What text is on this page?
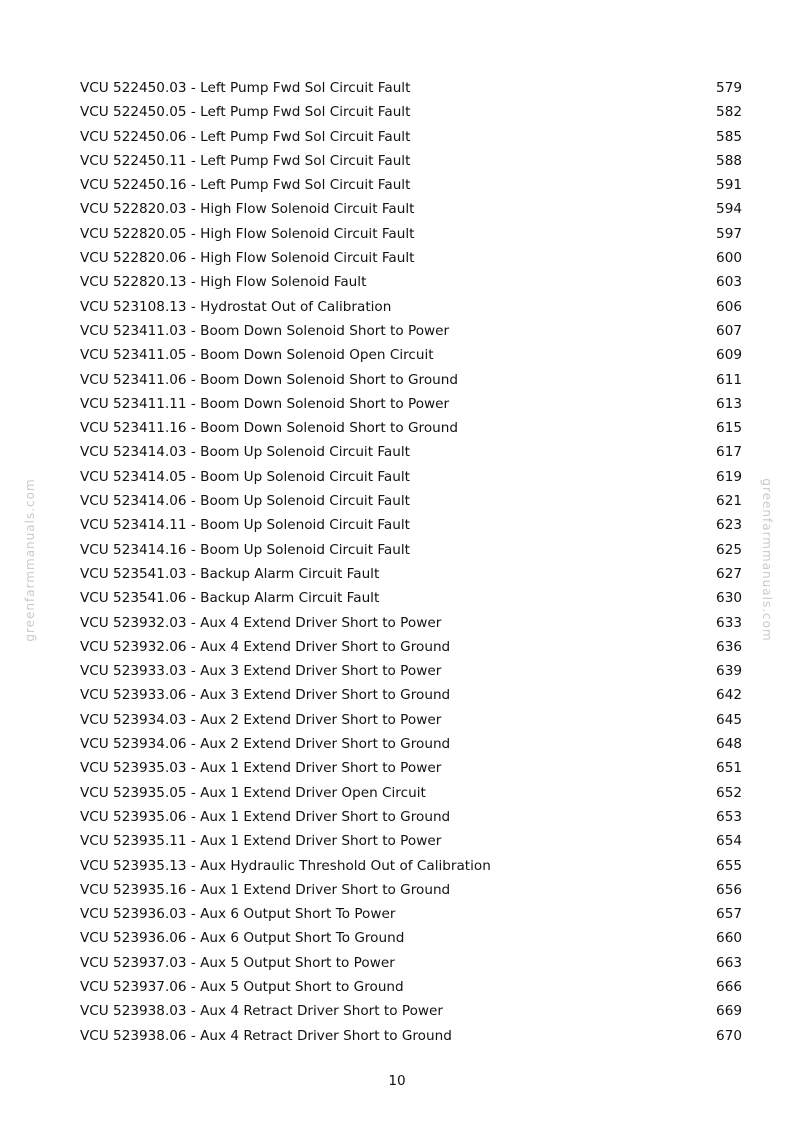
greenfarmmanuals.com	greenfarmmanuals.com
VCU 522450.03 - Left Pump Fwd Sol Circuit Fault	579
VCU 522450.05 - Left Pump Fwd Sol Circuit Fault	582
VCU 522450.06 - Left Pump Fwd Sol Circuit Fault	585
VCU 522450.11 - Left Pump Fwd Sol Circuit Fault	588
VCU 522450.16 - Left Pump Fwd Sol Circuit Fault	591
VCU 522820.03 - High Flow Solenoid Circuit Fault	594
VCU 522820.05 - High Flow Solenoid Circuit Fault	597
VCU 522820.06 - High Flow Solenoid Circuit Fault	600
VCU 522820.13 - High Flow Solenoid Fault	603
VCU 523108.13 - Hydrostat Out of Calibration	606
VCU 523411.03 - Boom Down Solenoid Short to Power	607
VCU 523411.05 - Boom Down Solenoid Open Circuit	609
VCU 523411.06 - Boom Down Solenoid Short to Ground	611
VCU 523411.11 - Boom Down Solenoid Short to Power	613
VCU 523411.16 - Boom Down Solenoid Short to Ground	615
VCU 523414.03 - Boom Up Solenoid Circuit Fault	617
VCU 523414.05 - Boom Up Solenoid Circuit Fault	619
VCU 523414.06 - Boom Up Solenoid Circuit Fault	621
VCU 523414.11 - Boom Up Solenoid Circuit Fault	623
VCU 523414.16 - Boom Up Solenoid Circuit Fault	625
VCU 523541.03 - Backup Alarm Circuit Fault	627
VCU 523541.06 - Backup Alarm Circuit Fault	630
VCU 523932.03 - Aux 4 Extend Driver Short to Power	633
VCU 523932.06 - Aux 4 Extend Driver Short to Ground	636
VCU 523933.03 - Aux 3 Extend Driver Short to Power	639
VCU 523933.06 - Aux 3 Extend Driver Short to Ground	642
VCU 523934.03 - Aux 2 Extend Driver Short to Power	645
VCU 523934.06 - Aux 2 Extend Driver Short to Ground	648
VCU 523935.03 - Aux 1 Extend Driver Short to Power	651
VCU 523935.05 - Aux 1 Extend Driver Open Circuit	652
VCU 523935.06 - Aux 1 Extend Driver Short to Ground	653
VCU 523935.11 - Aux 1 Extend Driver Short to Power	654
VCU 523935.13 - Aux Hydraulic Threshold Out of Calibration	655
VCU 523935.16 - Aux 1 Extend Driver Short to Ground	656
VCU 523936.03 - Aux 6 Output Short To Power	657
VCU 523936.06 - Aux 6 Output Short To Ground	660
VCU 523937.03 - Aux 5 Output Short to Power	663
VCU 523937.06 - Aux 5 Output Short to Ground	666
VCU 523938.03 - Aux 4 Retract Driver Short to Power	669
VCU 523938.06 - Aux 4 Retract Driver Short to Ground	670
10
